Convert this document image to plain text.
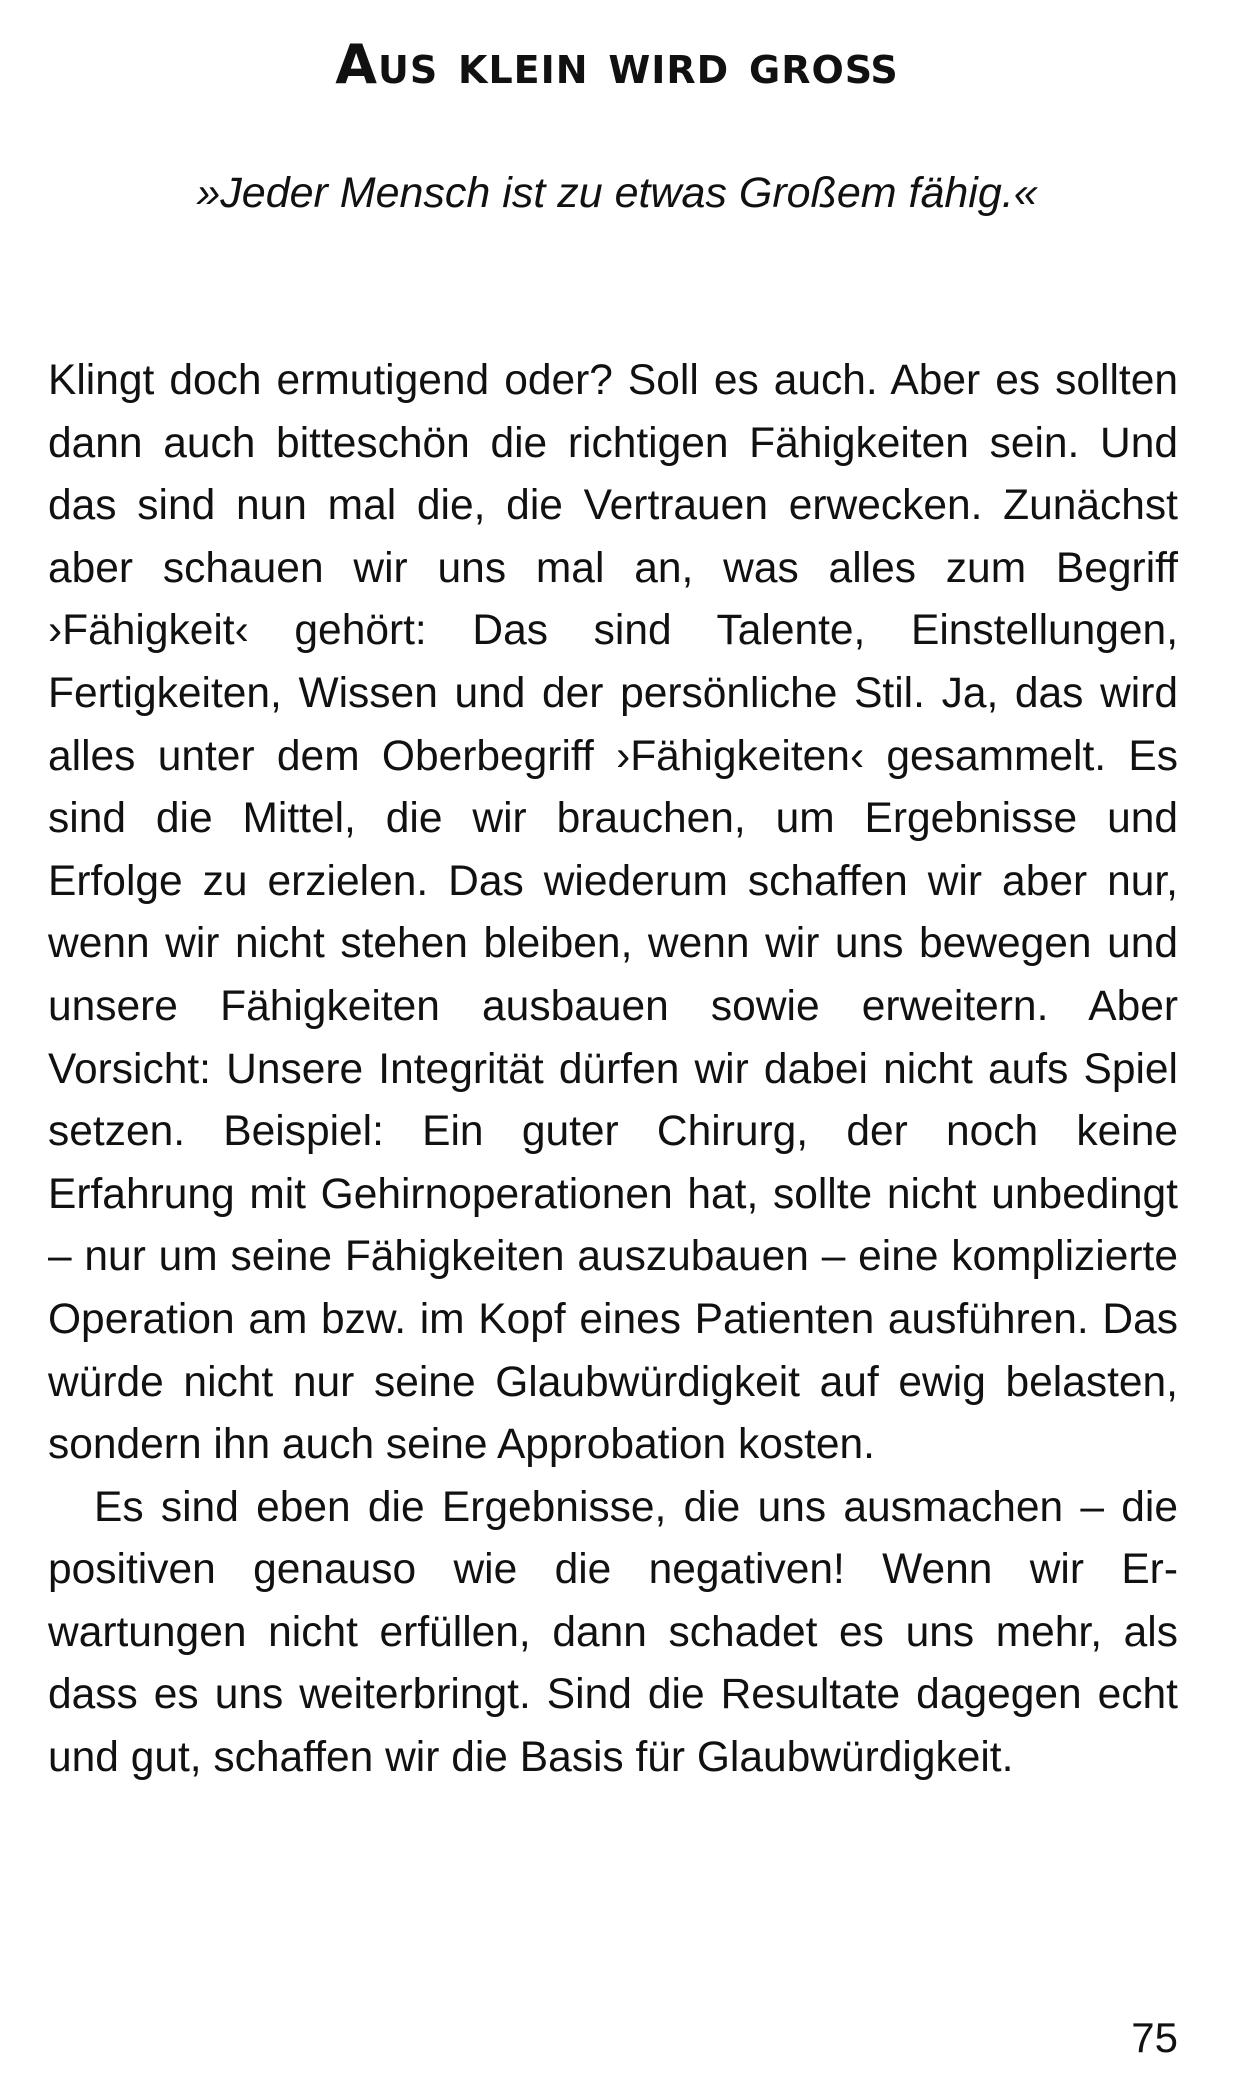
Aus klein wird groß

»Jeder Mensch ist zu etwas Großem fähig.«

Klingt doch ermutigend oder? Soll es auch. Aber es sollten dann auch bitteschön die richtigen Fähigkeiten sein. Und das sind nun mal die, die Vertrauen erwecken. Zunächst aber schauen wir uns mal an, was alles zum Begriff ›Fähigkeit‹ gehört: Das sind Talente, Einstellungen, Fertigkeiten, Wissen und der persönliche Stil. Ja, das wird alles unter dem Oberbegriff ›Fähigkeiten‹ gesammelt. Es sind die Mittel, die wir brauchen, um Ergebnisse und Erfolge zu erzielen. Das wiederum schaffen wir aber nur, wenn wir nicht stehen bleiben, wenn wir uns bewegen und unsere Fähigkeiten ausbauen sowie erweitern. Aber Vorsicht: Unsere Integrität dürfen wir dabei nicht aufs Spiel setzen. Beispiel: Ein guter Chirurg, der noch keine Erfahrung mit Gehirnoperationen hat, sollte nicht unbedingt – nur um seine Fähigkeiten auszubauen – eine komplizierte Operation am bzw. im Kopf eines Patienten ausführen. Das würde nicht nur seine Glaubwürdigkeit auf ewig belasten, sondern ihn auch seine Approbation kosten.

Es sind eben die Ergebnisse, die uns ausmachen – die positiven genauso wie die negativen! Wenn wir Erwartungen nicht erfüllen, dann schadet es uns mehr, als dass es uns weiterbringt. Sind die Resultate dagegen echt und gut, schaffen wir die Basis für Glaubwürdigkeit.

75
